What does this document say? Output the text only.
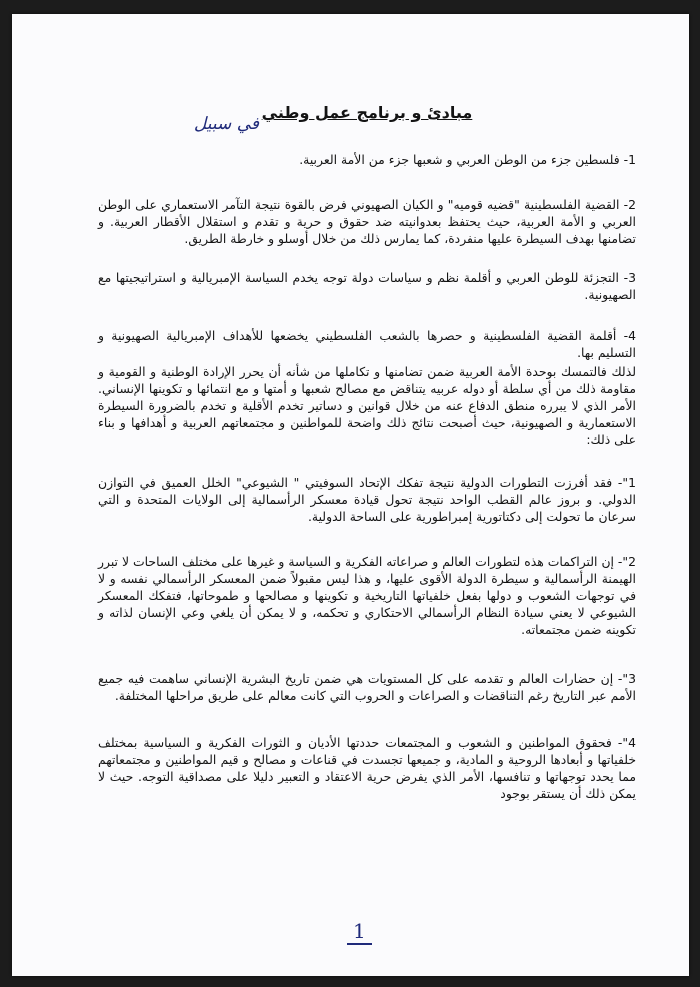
في سبيل

مبادئ و برنامج عمل وطني

1- فلسطين جزء من الوطن العربي و شعبها جزء من الأمة العربية.

2- القضية الفلسطينية "قضيه قوميه" و الكيان الصهيوني فرض بالقوة نتيجة التآمر الاستعماري على الوطن العربي و الأمة العربية، حيث يحتفظ بعدوانيته ضد حقوق و حرية و تقدم و استقلال الأقطار العربية. و تضامنها بهدف السيطرة عليها منفردة، كما يمارس ذلك من خلال أوسلو و خارطة الطريق.

3- التجزئة للوطن العربي و أقلمة نظم و سياسات دولة توجه يخدم السياسة الإمبريالية و استراتيجيتها مع الصهيونية.

4- أقلمة القضية الفلسطينية و حصرها بالشعب الفلسطيني يخضعها للأهداف الإمبريالية الصهيونية و التسليم بها.

لذلك فالتمسك بوحدة الأمة العربية ضمن تضامنها و تكاملها من شأنه أن يحرر الإرادة الوطنية و القومية و مقاومة ذلك من أي سلطة أو دوله عربيه يتناقض مع مصالح شعبها و أمتها و مع انتمائها و تكوينها الإنساني. الأمر الذي لا يبرره منطق الدفاع عنه من خلال قوانين و دساتير تخدم الأقلية و تخدم بالضرورة السيطرة الاستعمارية و الصهيونية، حيث أصبحت نتائج ذلك واضحة للمواطنين و مجتمعاتهم العربية و أهدافها و بناء على ذلك:

1"- فقد أفرزت التطورات الدولية نتيجة تفكك الإتحاد السوفيتي " الشيوعي" الخلل العميق في التوازن الدولي. و بروز عالم القطب الواحد نتيجة تحول قيادة معسكر الرأسمالية إلى الولايات المتحدة و التي سرعان ما تحولت إلى دكتاتورية إمبراطورية على الساحة الدولية.

2"- إن التراكمات هذه لتطورات العالم و صراعاته الفكرية و السياسة و غيرها على مختلف الساحات لا تبرر الهيمنة الرأسمالية و سيطرة الدولة الأقوى عليها، و هذا ليس مقبولاً ضمن المعسكر الرأسمالي نفسه و لا في توجهات الشعوب و دولها بفعل خلفياتها التاريخية و تكوينها و مصالحها و طموحاتها، فتفكك المعسكر الشيوعي لا يعني سيادة النظام الرأسمالي الاحتكاري و تحكمه، و لا يمكن أن يلغي وعي الإنسان لذاته و تكوينه ضمن مجتمعاته.

3"- إن حضارات العالم و تقدمه على كل المستويات هي ضمن تاريخ البشرية الإنساني ساهمت فيه جميع الأمم عبر التاريخ رغم التناقضات و الصراعات و الحروب التي كانت معالم على طريق مراحلها المختلفة.

4"- فحقوق المواطنين و الشعوب و المجتمعات حددتها الأديان و الثورات الفكرية و السياسية بمختلف خلفياتها و أبعادها الروحية و المادية، و جميعها تجسدت في قناعات و مصالح و قيم المواطنين و مجتمعاتهم مما يحدد توجهاتها و تنافسها، الأمر الذي يفرض حرية الاعتقاد و التعبير دليلا على مصداقية التوجه. حيث لا يمكن ذلك أن يستقر بوجود

1
